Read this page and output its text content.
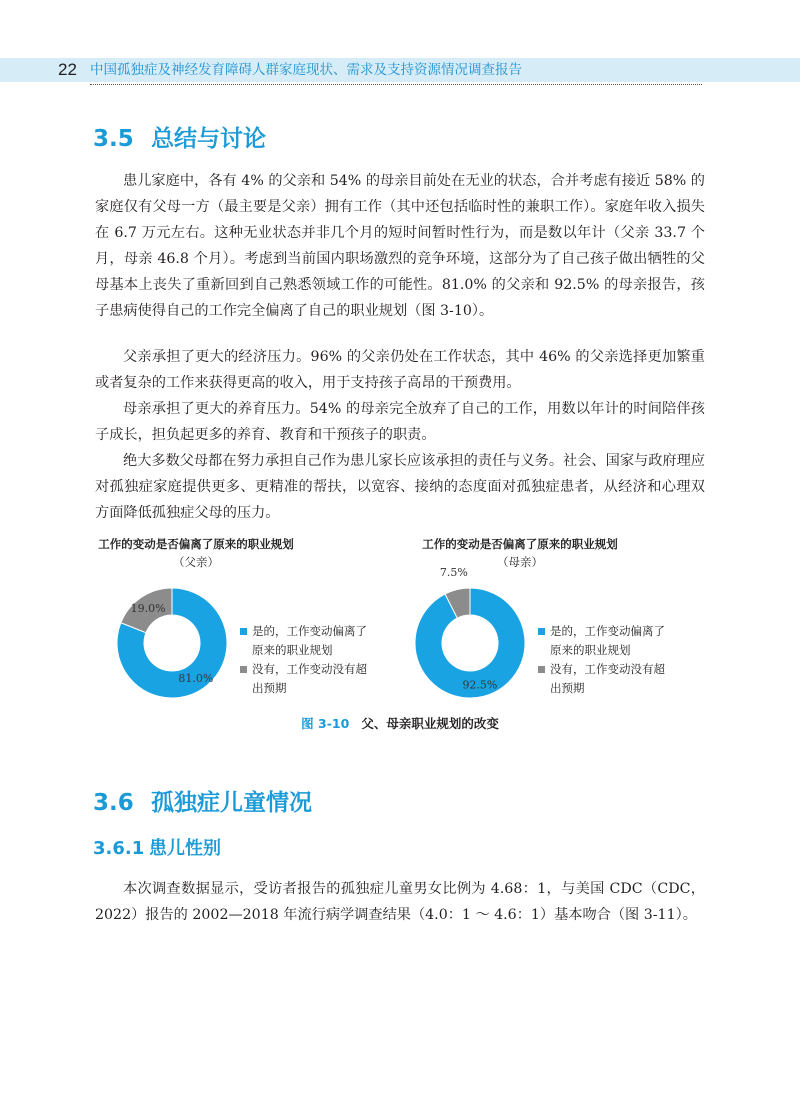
22 中国孤独症及神经发育障碍人群家庭现状、需求及支持资源情况调查报告
3.5 总结与讨论

患儿家庭中，各有 4% 的父亲和 54% 的母亲目前处在无业的状态，合并考虑有接近 58% 的家庭仅有父母一方（最主要是父亲）拥有工作（其中还包括临时性的兼职工作）。家庭年收入损失在 6.7 万元左右。这种无业状态并非几个月的短时间暂时性行为，而是数以年计（父亲 33.7 个月，母亲 46.8 个月）。考虑到当前国内职场激烈的竞争环境，这部分为了自己孩子做出牺牲的父母基本上丧失了重新回到自己熟悉领域工作的可能性。81.0% 的父亲和 92.5% 的母亲报告，孩子患病使得自己的工作完全偏离了自己的职业规划（图 3-10）。

父亲承担了更大的经济压力。96% 的父亲仍处在工作状态，其中 46% 的父亲选择更加繁重或者复杂的工作来获得更高的收入，用于支持孩子高昂的干预费用。

母亲承担了更大的养育压力。54% 的母亲完全放弃了自己的工作，用数以年计的时间陪伴孩子成长，担负起更多的养育、教育和干预孩子的职责。

绝大多数父母都在努力承担自己作为患儿家长应该承担的责任与义务。社会、国家与政府理应对孤独症家庭提供更多、更精准的帮扶，以宽容、接纳的态度面对孤独症患者，从经济和心理双方面降低孤独症父母的压力。

工作的变动是否偏离了原来的职业规划

（父亲）

81.0%
19.0%
是的，工作变动偏离了
原来的职业规划
没有，工作变动没有超
出预期

工作的变动是否偏离了原来的职业规划

（母亲）

92.5%
7.5%
是的，工作变动偏离了
原来的职业规划
没有，工作变动没有超
出预期

图 3-10 父、母亲职业规划的改变

3.6 孤独症儿童情况
3.6.1 患儿性别

本次调查数据显示，受访者报告的孤独症儿童男女比例为 4.68：1，与美国 CDC（CDC，2022）报告的 2002—2018 年流行病学调查结果（4.0：1 ～ 4.6：1）基本吻合（图 3-11）。
